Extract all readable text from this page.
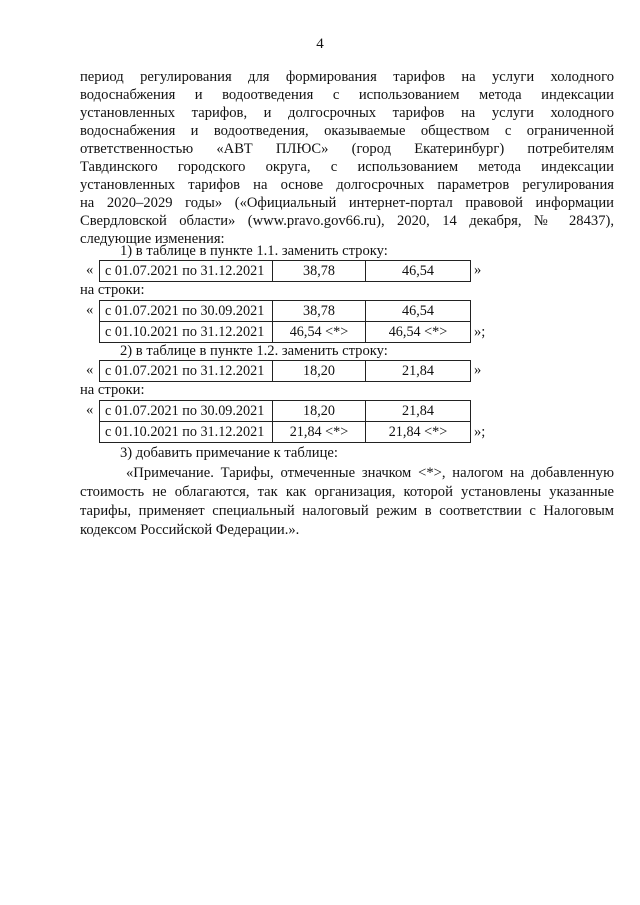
4
период регулирования для формирования тарифов на услуги холодного
водоснабжения и водоотведения с использованием метода индексации
установленных тарифов, и долгосрочных тарифов на услуги холодного
водоснабжения и водоотведения, оказываемые обществом с ограниченной
ответственностью «АВТ ПЛЮС» (город Екатеринбург) потребителям
Тавдинского городского округа, с использованием метода индексации
установленных тарифов на основе долгосрочных параметров регулирования
на 2020–2029 годы» («Официальный интернет-портал правовой информации
Свердловской области» (www.pravo.gov66.ru), 2020, 14 декабря, № 28437),
следующие изменения:
1) в таблице в пункте 1.1. заменить строку:
« с 01.07.2021 по 31.12.2021	38,78	46,54	»
на строки:
« с 01.07.2021 по 30.09.2021	38,78	46,54
с 01.10.2021 по 31.12.2021	46,54 <*>	46,54 <*> »;
2) в таблице в пункте 1.2. заменить строку:
« с 01.07.2021 по 31.12.2021	18,20	21,84	»
на строки:
« с 01.07.2021 по 30.09.2021	18,20	21,84
с 01.10.2021 по 31.12.2021	21,84 <*>	21,84 <*> »;
3) добавить примечание к таблице:
«Примечание. Тарифы, отмеченные значком <*>, налогом на добавленную
стоимость не облагаются, так как организация, которой установлены указанные
тарифы, применяет специальный налоговый режим в соответствии с Налоговым
кодексом Российской Федерации.».
